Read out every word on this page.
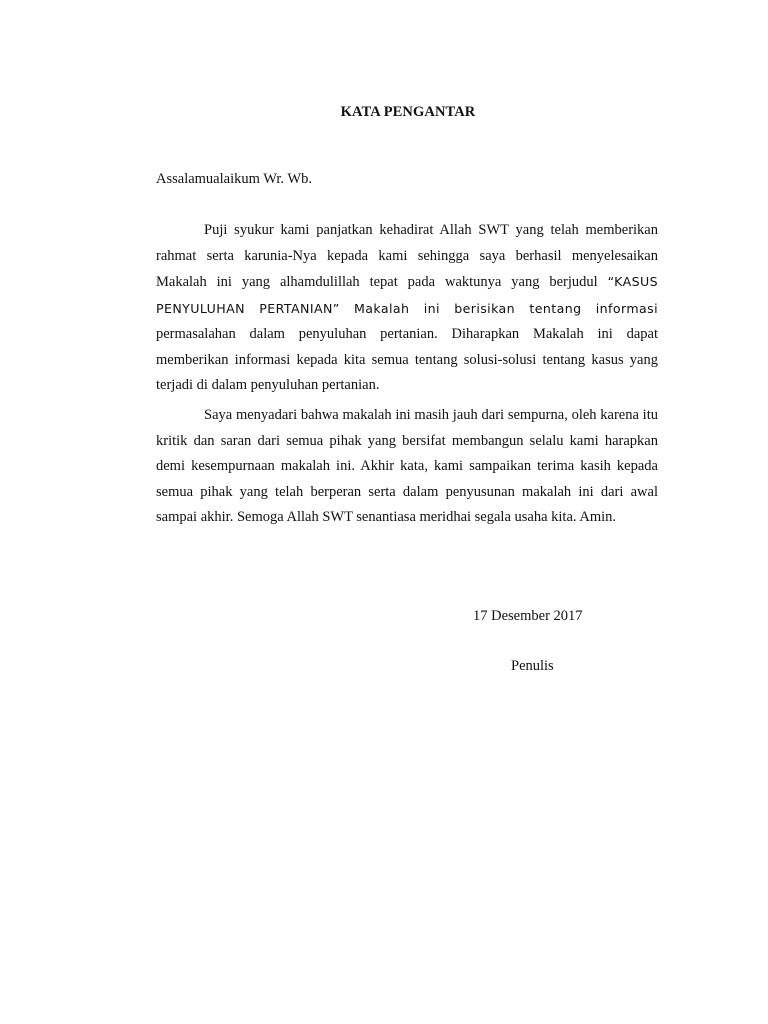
KATA PENGANTAR
Assalamualaikum Wr. Wb.

Puji syukur kami panjatkan kehadirat Allah SWT yang telah memberikan rahmat serta karunia-Nya kepada kami sehingga saya berhasil menyelesaikan Makalah ini yang alhamdulillah tepat pada waktunya yang berjudul “KASUS PENYULUHAN PERTANIAN” Makalah ini berisikan tentang informasi permasalahan dalam penyuluhan pertanian. Diharapkan Makalah ini dapat memberikan informasi kepada kita semua tentang solusi-solusi tentang kasus yang terjadi di dalam penyuluhan pertanian.

Saya menyadari bahwa makalah ini masih jauh dari sempurna, oleh karena itu kritik dan saran dari semua pihak yang bersifat membangun selalu kami harapkan demi kesempurnaan makalah ini. Akhir kata, kami sampaikan terima kasih kepada semua pihak yang telah berperan serta dalam penyusunan makalah ini dari awal sampai akhir. Semoga Allah SWT senantiasa meridhai segala usaha kita. Amin.

17 Desember 2017
Penulis
